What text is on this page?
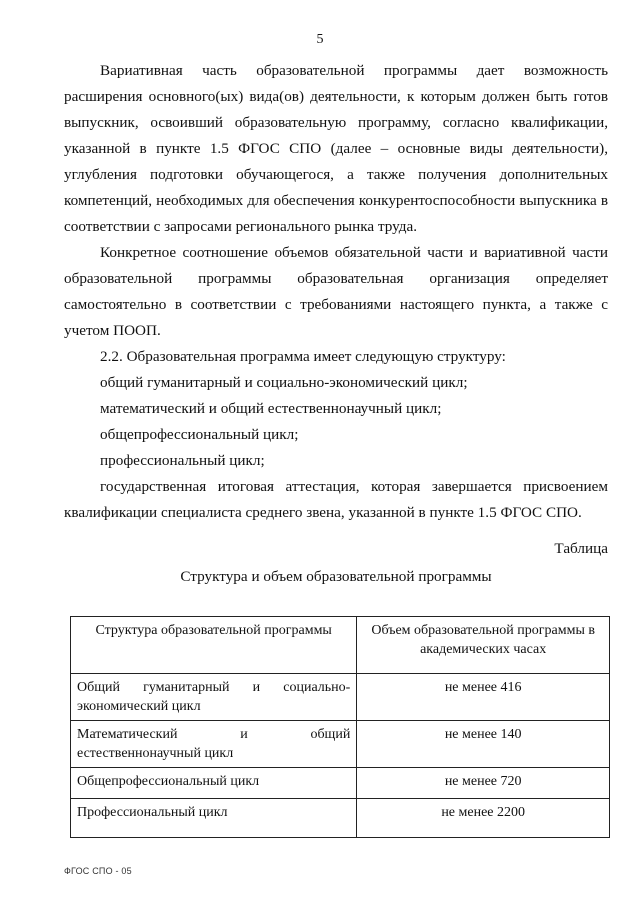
5

Вариативная часть образовательной программы дает возможность расширения основного(ых) вида(ов) деятельности, к которым должен быть готов выпускник, освоивший образовательную программу, согласно квалификации, указанной в пункте 1.5 ФГОС СПО (далее – основные виды деятельности), углубления подготовки обучающегося, а также получения дополнительных компетенций, необходимых для обеспечения конкурентоспособности выпускника в соответствии с запросами регионального рынка труда.

Конкретное соотношение объемов обязательной части и вариативной части образовательной программы образовательная организация определяет самостоятельно в соответствии с требованиями настоящего пункта, а также с учетом ПООП.

2.2. Образовательная программа имеет следующую структуру:

общий гуманитарный и социально-экономический цикл;

математический и общий естественнонаучный цикл;

общепрофессиональный цикл;

профессиональный цикл;

государственная итоговая аттестация, которая завершается присвоением квалификации специалиста среднего звена, указанной в пункте 1.5 ФГОС СПО.

Таблица
Структура и объем образовательной программы
Структура образовательной программы	Объем образовательной программы в академических часах
Общий гуманитарный и социально-экономический цикл	не менее 416
Математический и общий естественнонаучный цикл	не менее 140
Общепрофессиональный цикл	не менее 720
Профессиональный цикл	не менее 2200
ФГОС СПО - 05
